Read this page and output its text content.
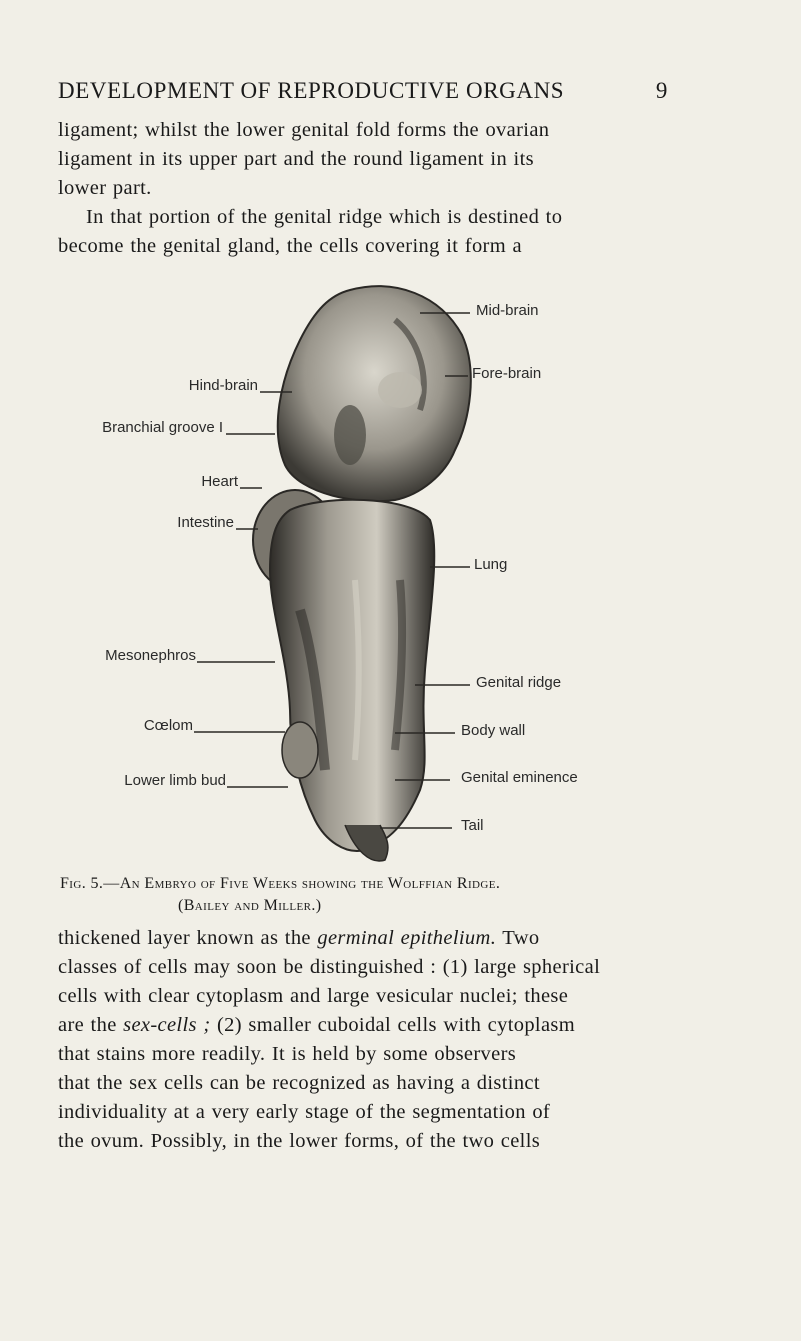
DEVELOPMENT OF REPRODUCTIVE ORGANS	9

ligament; whilst the lower genital fold forms the ovarian

ligament in its upper part and the round ligament in its

lower part.

In that portion of the genital ridge which is destined to

become the genital gland, the cells covering it form a

Hind-brain
Branchial groove I
Heart
Intestine
Mesonephros
Cœlom
Lower limb bud
Mid-brain
Fore-brain
Lung
Genital ridge
Body wall
Genital eminence
Tail
Fig. 5.—An Embryo of Five Weeks showing the Wolffian Ridge.
(Bailey and Miller.)

thickened layer known as the germinal epithelium. Two

classes of cells may soon be distinguished : (1) large spherical

cells with clear cytoplasm and large vesicular nuclei; these

are the sex-cells ; (2) smaller cuboidal cells with cytoplasm

that stains more readily. It is held by some observers

that the sex cells can be recognized as having a distinct

individuality at a very early stage of the segmentation of

the ovum. Possibly, in the lower forms, of the two cells
